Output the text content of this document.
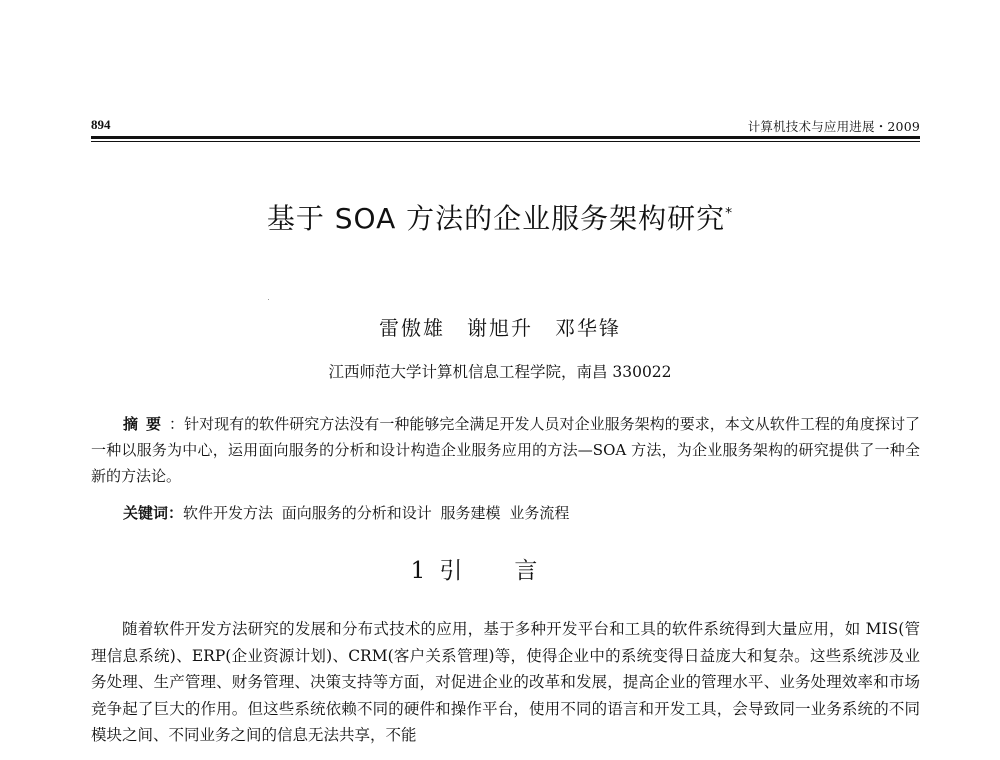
894	计算机技术与应用进展・2009
基于 SOA 方法的企业服务架构研究*
雷傲雄　谢旭升　邓华锋
江西师范大学计算机信息工程学院，南昌 330022
摘要：针对现有的软件研究方法没有一种能够完全满足开发人员对企业服务架构的要求，本文从软件工程的角度探讨了一种以服务为中心，运用面向服务的分析和设计构造企业服务应用的方法—SOA 方法，为企业服务架构的研究提供了一种全新的方法论。
关键词：软件开发方法 面向服务的分析和设计 服务建模 业务流程
1 引言
随着软件开发方法研究的发展和分布式技术的应用，基于多种开发平台和工具的软件系统得到大量应用，如 MIS(管理信息系统)、ERP(企业资源计划)、CRM(客户关系管理)等，使得企业中的系统变得日益庞大和复杂。这些系统涉及业务处理、生产管理、财务管理、决策支持等方面，对促进企业的改革和发展，提高企业的管理水平、业务处理效率和市场竞争起了巨大的作用。但这些系统依赖不同的硬件和操作平台，使用不同的语言和开发工具，会导致同一业务系统的不同模块之间、不同业务之间的信息无法共享，不能
